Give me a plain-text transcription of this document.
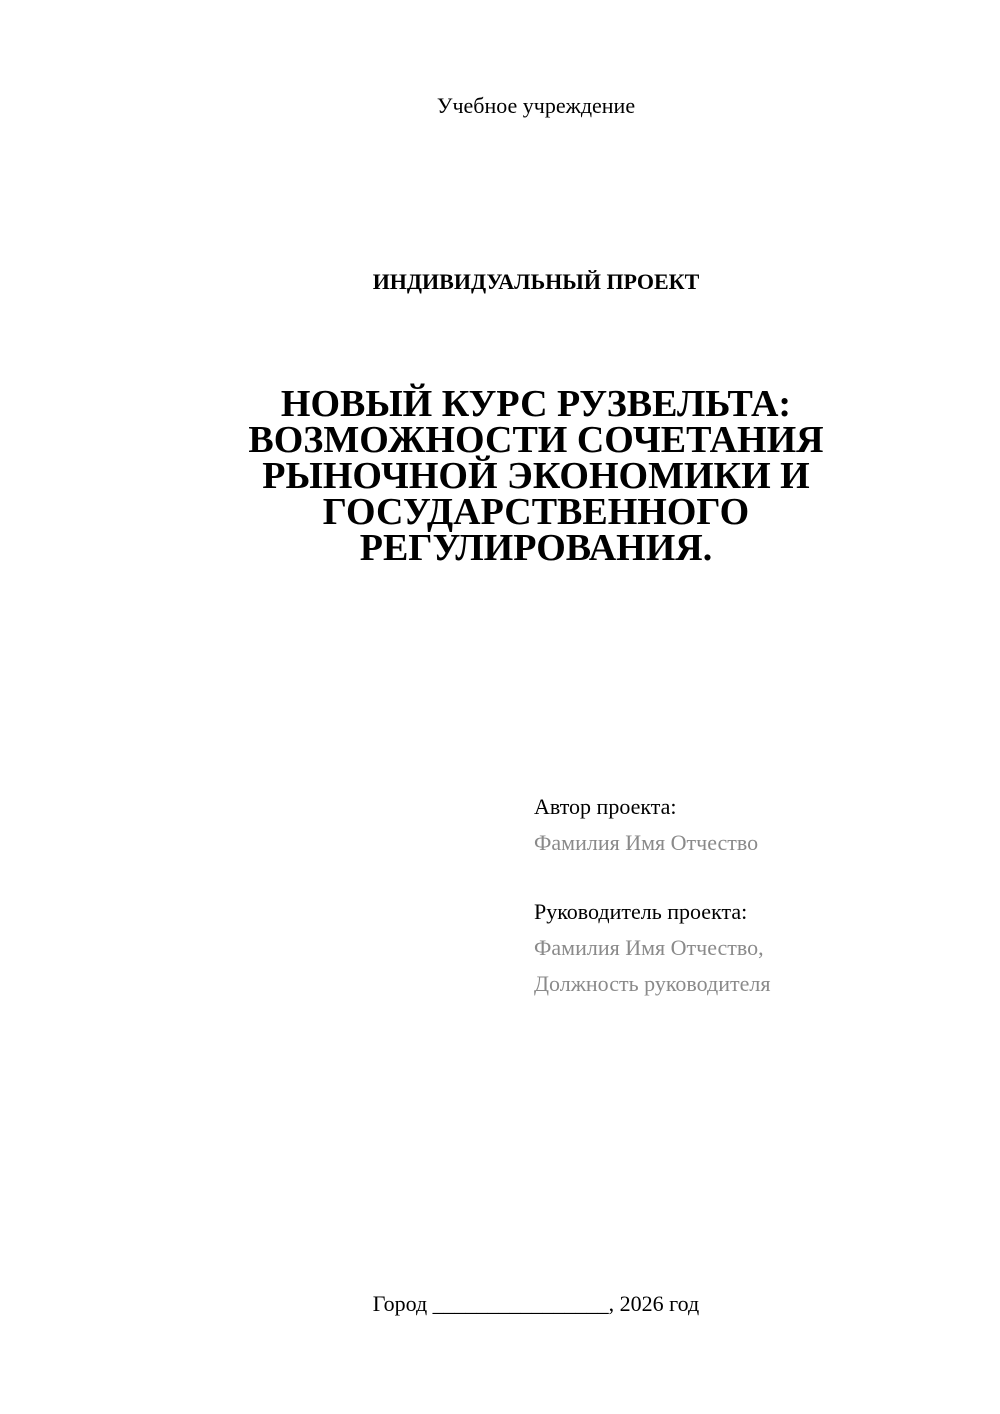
Учебное учреждение
ИНДИВИДУАЛЬНЫЙ ПРОЕКТ
НОВЫЙ КУРС РУЗВЕЛЬТА:
ВОЗМОЖНОСТИ СОЧЕТАНИЯ
РЫНОЧНОЙ ЭКОНОМИКИ И
ГОСУДАРСТВЕННОГО
РЕГУЛИРОВАНИЯ.
Автор проекта:
Фамилия Имя Отчество
Руководитель проекта:
Фамилия Имя Отчество,
Должность руководителя
Город ________________, 2026 год
